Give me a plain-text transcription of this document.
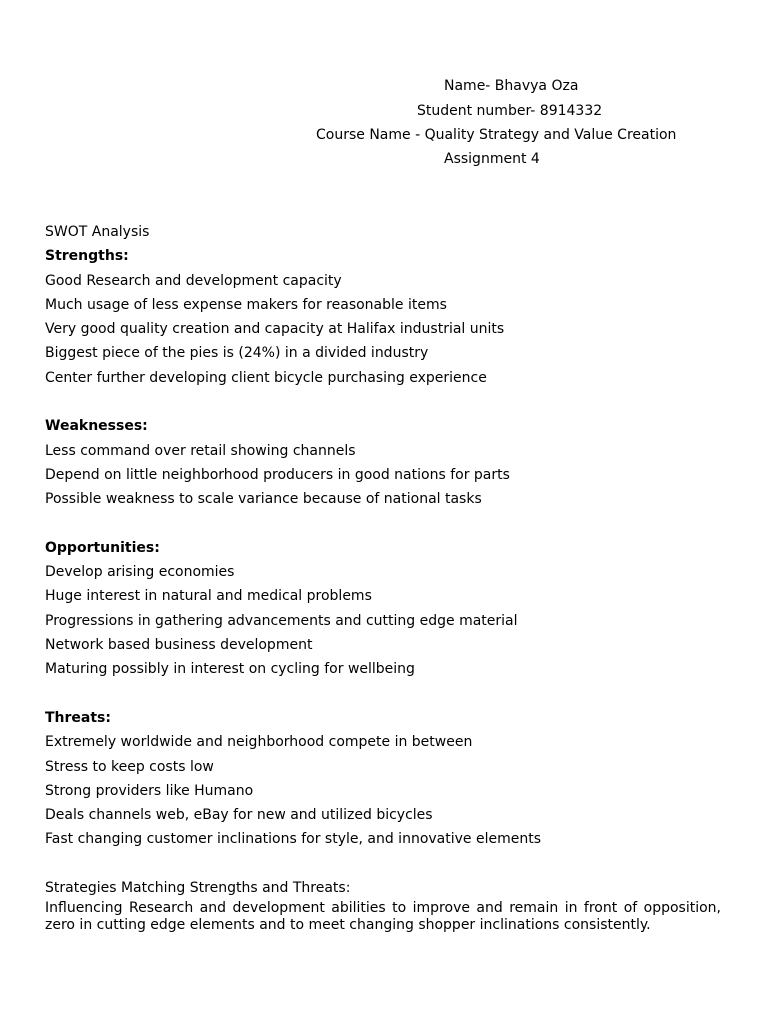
Name- Bhavya Oza
Student number- 8914332
Course Name - Quality Strategy and Value Creation
Assignment 4
SWOT Analysis
Strengths:
Good Research and development capacity
Much usage of less expense makers for reasonable items
Very good quality creation and capacity at Halifax industrial units
Biggest piece of the pies is (24%) in a divided industry
Center further developing client bicycle purchasing experience
Weaknesses:
Less command over retail showing channels
Depend on little neighborhood producers in good nations for parts
Possible weakness to scale variance because of national tasks
Opportunities:
Develop arising economies
Huge interest in natural and medical problems
Progressions in gathering advancements and cutting edge material
Network based business development
Maturing possibly in interest on cycling for wellbeing
Threats:
Extremely worldwide and neighborhood compete in between
Stress to keep costs low
Strong providers like Humano
Deals channels web, eBay for new and utilized bicycles
Fast changing customer inclinations for style, and innovative elements
Strategies Matching Strengths and Threats:
Influencing Research and development abilities to improve and remain in front of opposition, zero in cutting edge elements and to meet changing shopper inclinations consistently.
